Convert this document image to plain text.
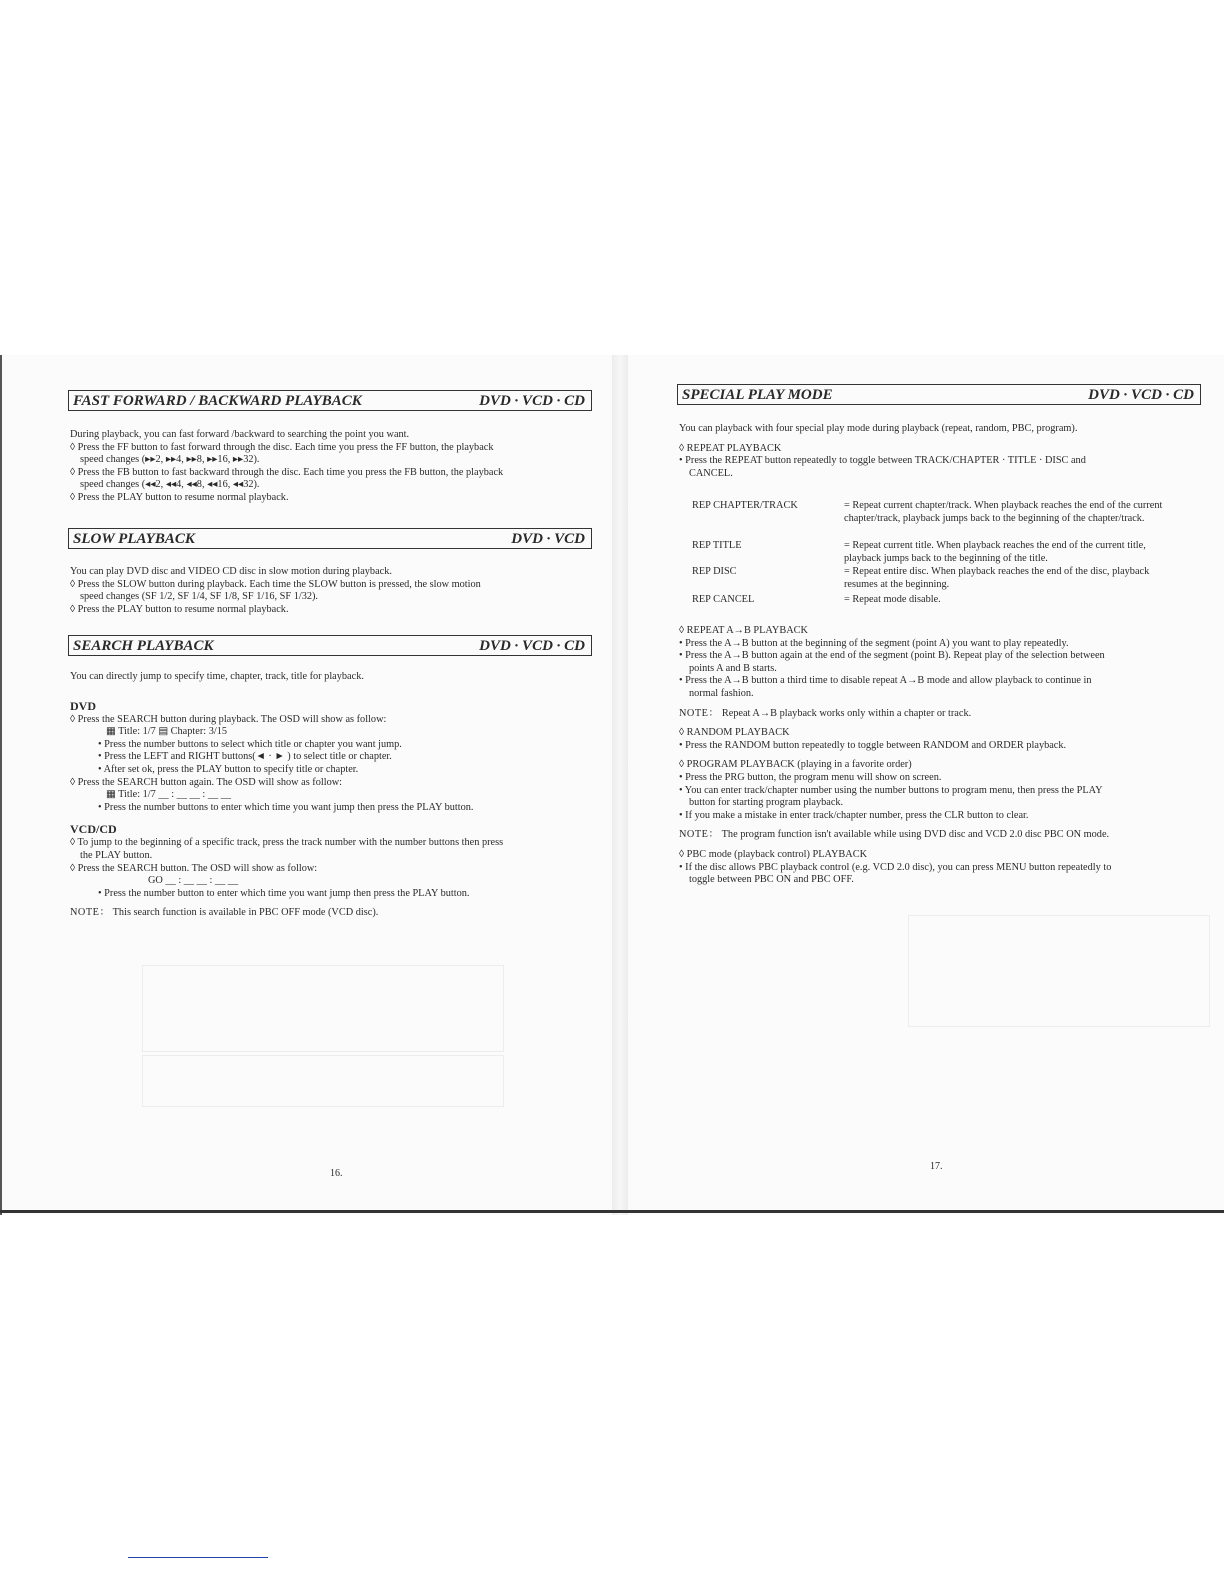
FAST FORWARD / BACKWARD PLAYBACK	DVD · VCD · CD

During playback, you can fast forward /backward to searching the point you want.

◊ Press the FF button to fast forward through the disc. Each time you press the FF button, the playback

speed changes (▸▸2, ▸▸4, ▸▸8, ▸▸16, ▸▸32).

◊ Press the FB button to fast backward through the disc. Each time you press the FB button, the playback

speed changes (◂◂2, ◂◂4, ◂◂8, ◂◂16, ◂◂32).

◊ Press the PLAY button to resume normal playback.

SLOW PLAYBACK	DVD · VCD

You can play DVD disc and VIDEO CD disc in slow motion during playback.

◊ Press the SLOW button during playback. Each time the SLOW button is pressed, the slow motion

speed changes (SF 1/2, SF 1/4, SF 1/8, SF 1/16, SF 1/32).

◊ Press the PLAY button to resume normal playback.

SEARCH PLAYBACK	DVD · VCD · CD

You can directly jump to specify time, chapter, track, title for playback.

DVD

◊ Press the SEARCH button during playback. The OSD will show as follow:

▦ Title: 1/7 ▤ Chapter: 3/15

• Press the number buttons to select which title or chapter you want jump.

• Press the LEFT and RIGHT buttons(◄ · ► ) to select title or chapter.

• After set ok, press the PLAY button to specify title or chapter.

◊ Press the SEARCH button again. The OSD will show as follow:

▦ Title: 1/7 __ : __ __ : __ __

• Press the number buttons to enter which time you want jump then press the PLAY button.

VCD/CD

◊ To jump to the beginning of a specific track, press the track number with the number buttons then press

the PLAY button.

◊ Press the SEARCH button. The OSD will show as follow:

GO __ : __ __ : __ __

• Press the number button to enter which time you want jump then press the PLAY button.

NOTE： This search function is available in PBC OFF mode (VCD disc).

16.
SPECIAL PLAY MODE	DVD · VCD · CD

You can playback with four special play mode during playback (repeat, random, PBC, program).

◊ REPEAT PLAYBACK

• Press the REPEAT button repeatedly to toggle between TRACK/CHAPTER · TITLE · DISC and

CANCEL.

REP CHAPTER/TRACK	= Repeat current chapter/track. When playback reaches the end of the current chapter/track, playback jumps back to the beginning of the chapter/track.
REP TITLE	= Repeat current title. When playback reaches the end of the current title, playback jumps back to the beginning of the title.
REP DISC	= Repeat entire disc. When playback reaches the end of the disc, playback resumes at the beginning.
REP CANCEL	= Repeat mode disable.

◊ REPEAT A→B PLAYBACK

• Press the A→B button at the beginning of the segment (point A) you want to play repeatedly.

• Press the A→B button again at the end of the segment (point B). Repeat play of the selection between

points A and B starts.

• Press the A→B button a third time to disable repeat A→B mode and allow playback to continue in

normal fashion.

NOTE： Repeat A→B playback works only within a chapter or track.

◊ RANDOM PLAYBACK

• Press the RANDOM button repeatedly to toggle between RANDOM and ORDER playback.

◊ PROGRAM PLAYBACK (playing in a favorite order)

• Press the PRG button, the program menu will show on screen.

• You can enter track/chapter number using the number buttons to program menu, then press the PLAY

button for starting program playback.

• If you make a mistake in enter track/chapter number, press the CLR button to clear.

NOTE： The program function isn't available while using DVD disc and VCD 2.0 disc PBC ON mode.

◊ PBC mode (playback control) PLAYBACK

• If the disc allows PBC playback control (e.g. VCD 2.0 disc), you can press MENU button repeatedly to

toggle between PBC ON and PBC OFF.

17.
